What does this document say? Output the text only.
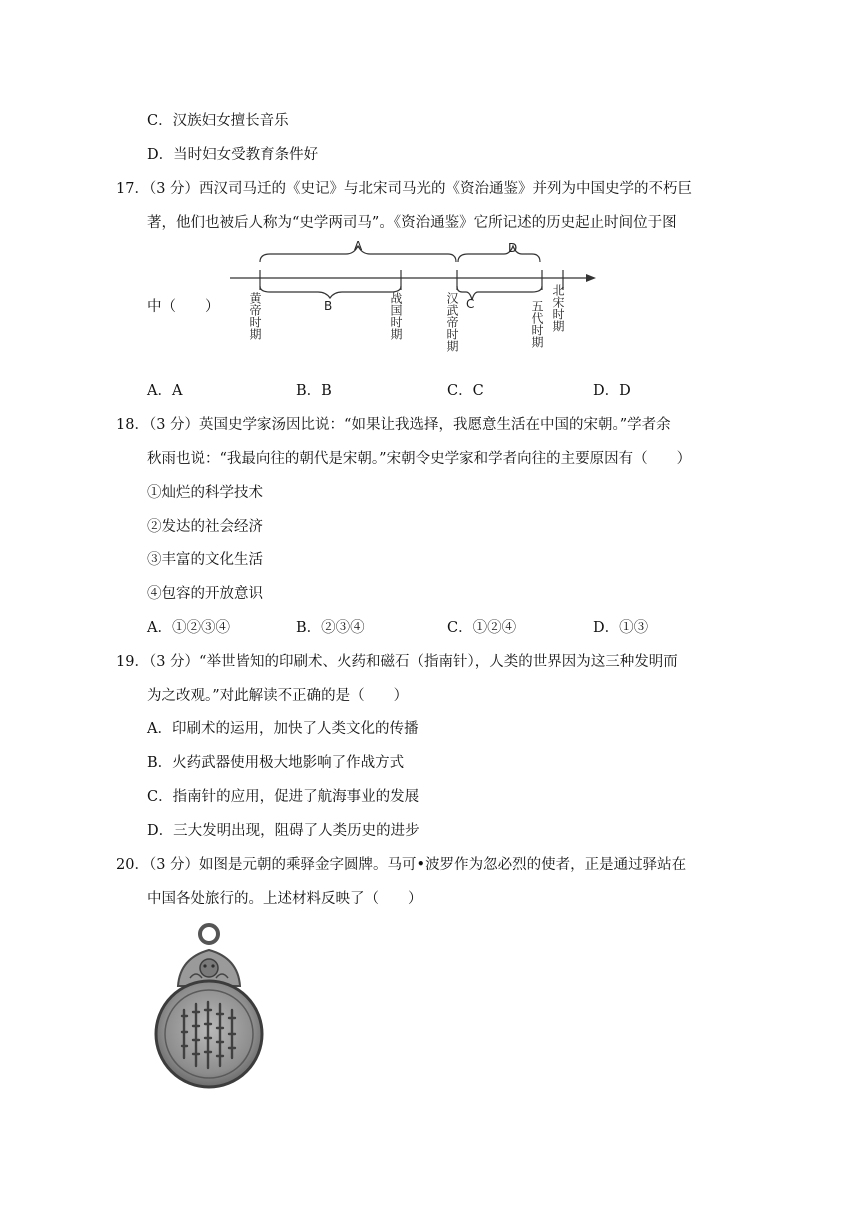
C．汉族妇女擅长音乐
D．当时妇女受教育条件好
17．（3 分）西汉司马迁的《史记》与北宋司马光的《资治通鉴》并列为中国史学的不朽巨
著，他们也被后人称为“史学两司马”。《资治通鉴》它所记述的历史起止时间位于图
中（　　）
A	D
B	C
黄帝时期	战国时期	汉武帝时期	五代时期 北宋时期
A．A	B．B	C．C	D．D
18．（3 分）英国史学家汤因比说：“如果让我选择，我愿意生活在中国的宋朝。”学者余
秋雨也说：“我最向往的朝代是宋朝。”宋朝令史学家和学者向往的主要原因有（　　）
①灿烂的科学技术
②发达的社会经济
③丰富的文化生活
④包容的开放意识
A．①②③④	B．②③④	C．①②④	D．①③
19．（3 分）“举世皆知的印刷术、火药和磁石（指南针），人类的世界因为这三种发明而
为之改观。”对此解读不正确的是（　　）
A．印刷术的运用，加快了人类文化的传播
B．火药武器使用极大地影响了作战方式
C．指南针的应用，促进了航海事业的发展
D．三大发明出现，阻碍了人类历史的进步
20．（3 分）如图是元朝的乘驿金字圆牌。马可•波罗作为忽必烈的使者，正是通过驿站在
中国各处旅行的。上述材料反映了（　　）
